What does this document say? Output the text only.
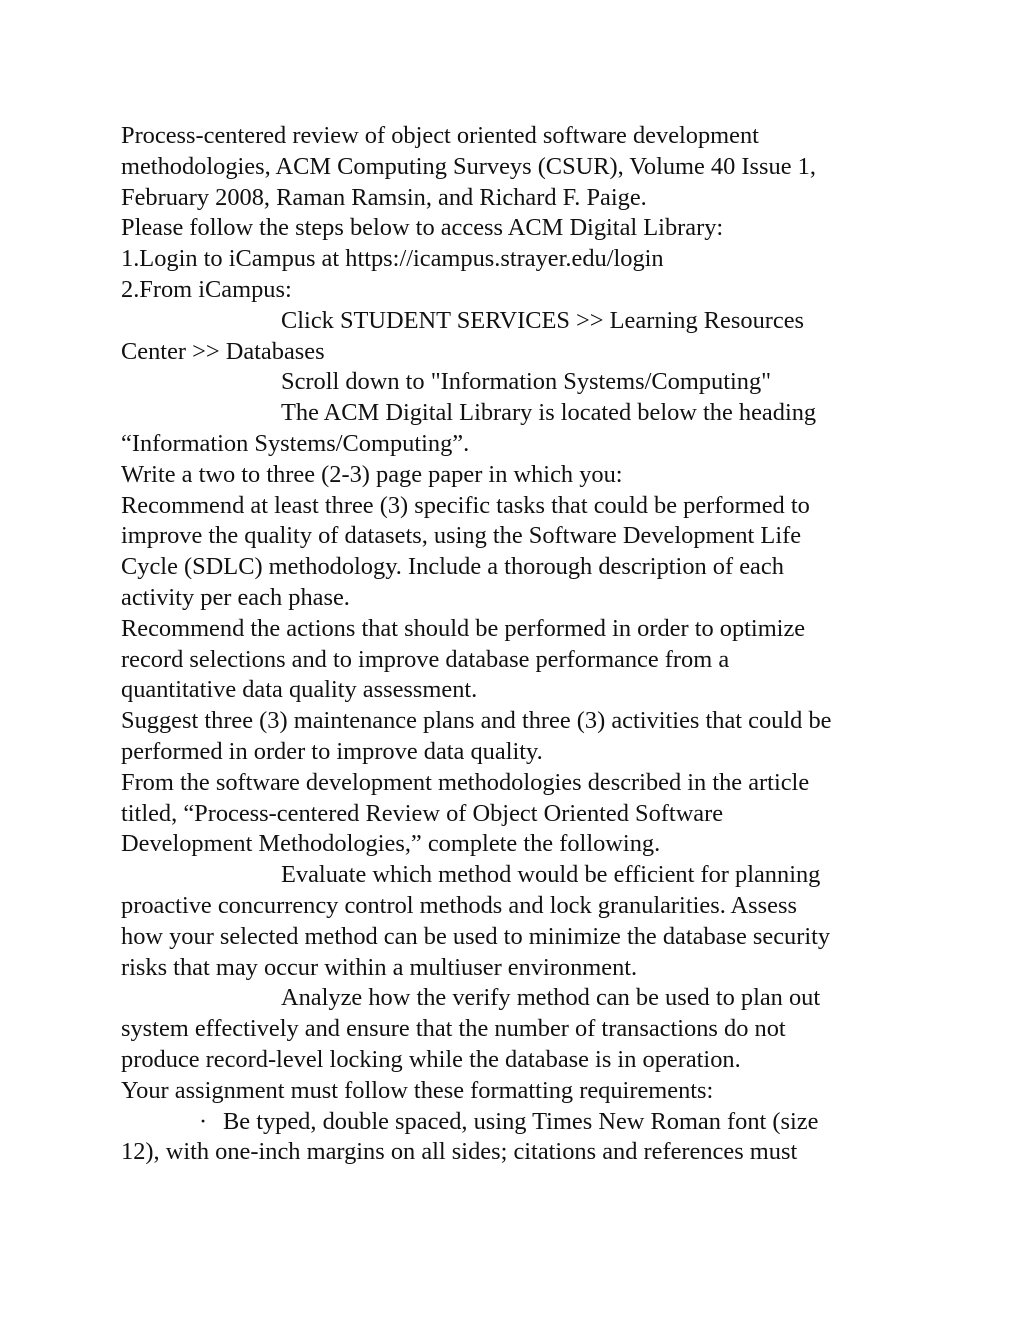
Process-centered review of object oriented software development
methodologies, ACM Computing Surveys (CSUR), Volume 40 Issue 1,
February 2008, Raman Ramsin, and Richard F. Paige.
Please follow the steps below to access ACM Digital Library:
1.Login to iCampus at https://icampus.strayer.edu/login
2.From iCampus:
Click STUDENT SERVICES >> Learning Resources
Center >> Databases
Scroll down to "Information Systems/Computing"
The ACM Digital Library is located below the heading
“Information Systems/Computing”.
Write a two to three (2-3) page paper in which you:
Recommend at least three (3) specific tasks that could be performed to
improve the quality of datasets, using the Software Development Life
Cycle (SDLC) methodology. Include a thorough description of each
activity per each phase.
Recommend the actions that should be performed in order to optimize
record selections and to improve database performance from a
quantitative data quality assessment.
Suggest three (3) maintenance plans and three (3) activities that could be
performed in order to improve data quality.
From the software development methodologies described in the article
titled, “Process-centered Review of Object Oriented Software
Development Methodologies,” complete the following.
Evaluate which method would be efficient for planning
proactive concurrency control methods and lock granularities. Assess
how your selected method can be used to minimize the database security
risks that may occur within a multiuser environment.
Analyze how the verify method can be used to plan out
system effectively and ensure that the number of transactions do not
produce record-level locking while the database is in operation.
Your assignment must follow these formatting requirements:
· Be typed, double spaced, using Times New Roman font (size
12), with one-inch margins on all sides; citations and references must
